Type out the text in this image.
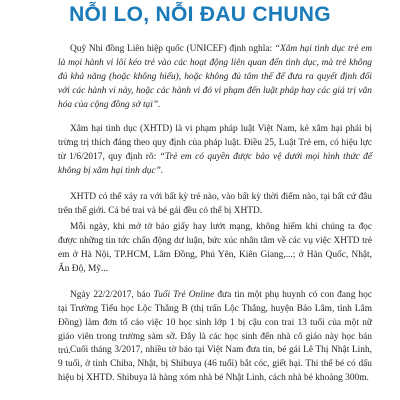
NỖI LO, NỖI ĐAU CHUNG

Quỹ Nhi đồng Liên hiệp quốc (UNICEF) định nghĩa: “Xâm hại tình dục trẻ em là mọi hành vi lôi kéo trẻ vào các hoạt động liên quan đến tình dục, mà trẻ không đủ khả năng (hoặc không hiểu), hoặc không đủ tâm thế để đưa ra quyết định đối với các hành vi này, hoặc các hành vi đó vi phạm đến luật pháp hay các giá trị văn hóa của cộng đồng sở tại”.

Xâm hại tình dục (XHTD) là vi phạm pháp luật Việt Nam, kẻ xâm hại phải bị trừng trị thích đáng theo quy định của pháp luật. Điều 25, Luật Trẻ em, có hiệu lực từ 1/6/2017, quy định rõ: “Trẻ em có quyền được bảo vệ dưới mọi hình thức để không bị xâm hại tình dục”.

XHTD có thể xảy ra với bất kỳ trẻ nào, vào bất kỳ thời điểm nào, tại bất cứ đâu trên thế giới. Cả bé trai và bé gái đều có thể bị XHTD.

Mỗi ngày, khi mở tờ báo giấy hay lướt mạng, không hiếm khi chúng ta đọc được những tin tức chấn động dư luận, bức xúc nhân tâm về các vụ việc XHTD trẻ em ở Hà Nội, TP.HCM, Lâm Đồng, Phú Yên, Kiên Giang,...; ở Hàn Quốc, Nhật, Ấn Độ, Mỹ...

Ngày 22/2/2017, báo Tuổi Trẻ Online đưa tin một phụ huynh có con đang học tại Trường Tiểu học Lộc Thắng B (thị trấn Lộc Thắng, huyện Bảo Lâm, tỉnh Lâm Đồng) làm đơn tố cáo việc 10 học sinh lớp 1 bị cậu con trai 13 tuổi của một nữ giáo viên trong trường sàm sỡ. Đây là các học sinh đến nhà cô giáo này học bán trú. Cuối tháng 3/2017, nhiều tờ báo tại Việt Nam đưa tin, bé gái Lê Thị Nhật Linh, 9 tuổi, ở tỉnh Chiba, Nhật, bị Shibuya (46 tuổi) bắt cóc, giết hại. Thi thể bé có dấu hiệu bị XHTD. Shibuya là hàng xóm nhà bé Nhật Linh, cách nhà bé khoảng 300m.
